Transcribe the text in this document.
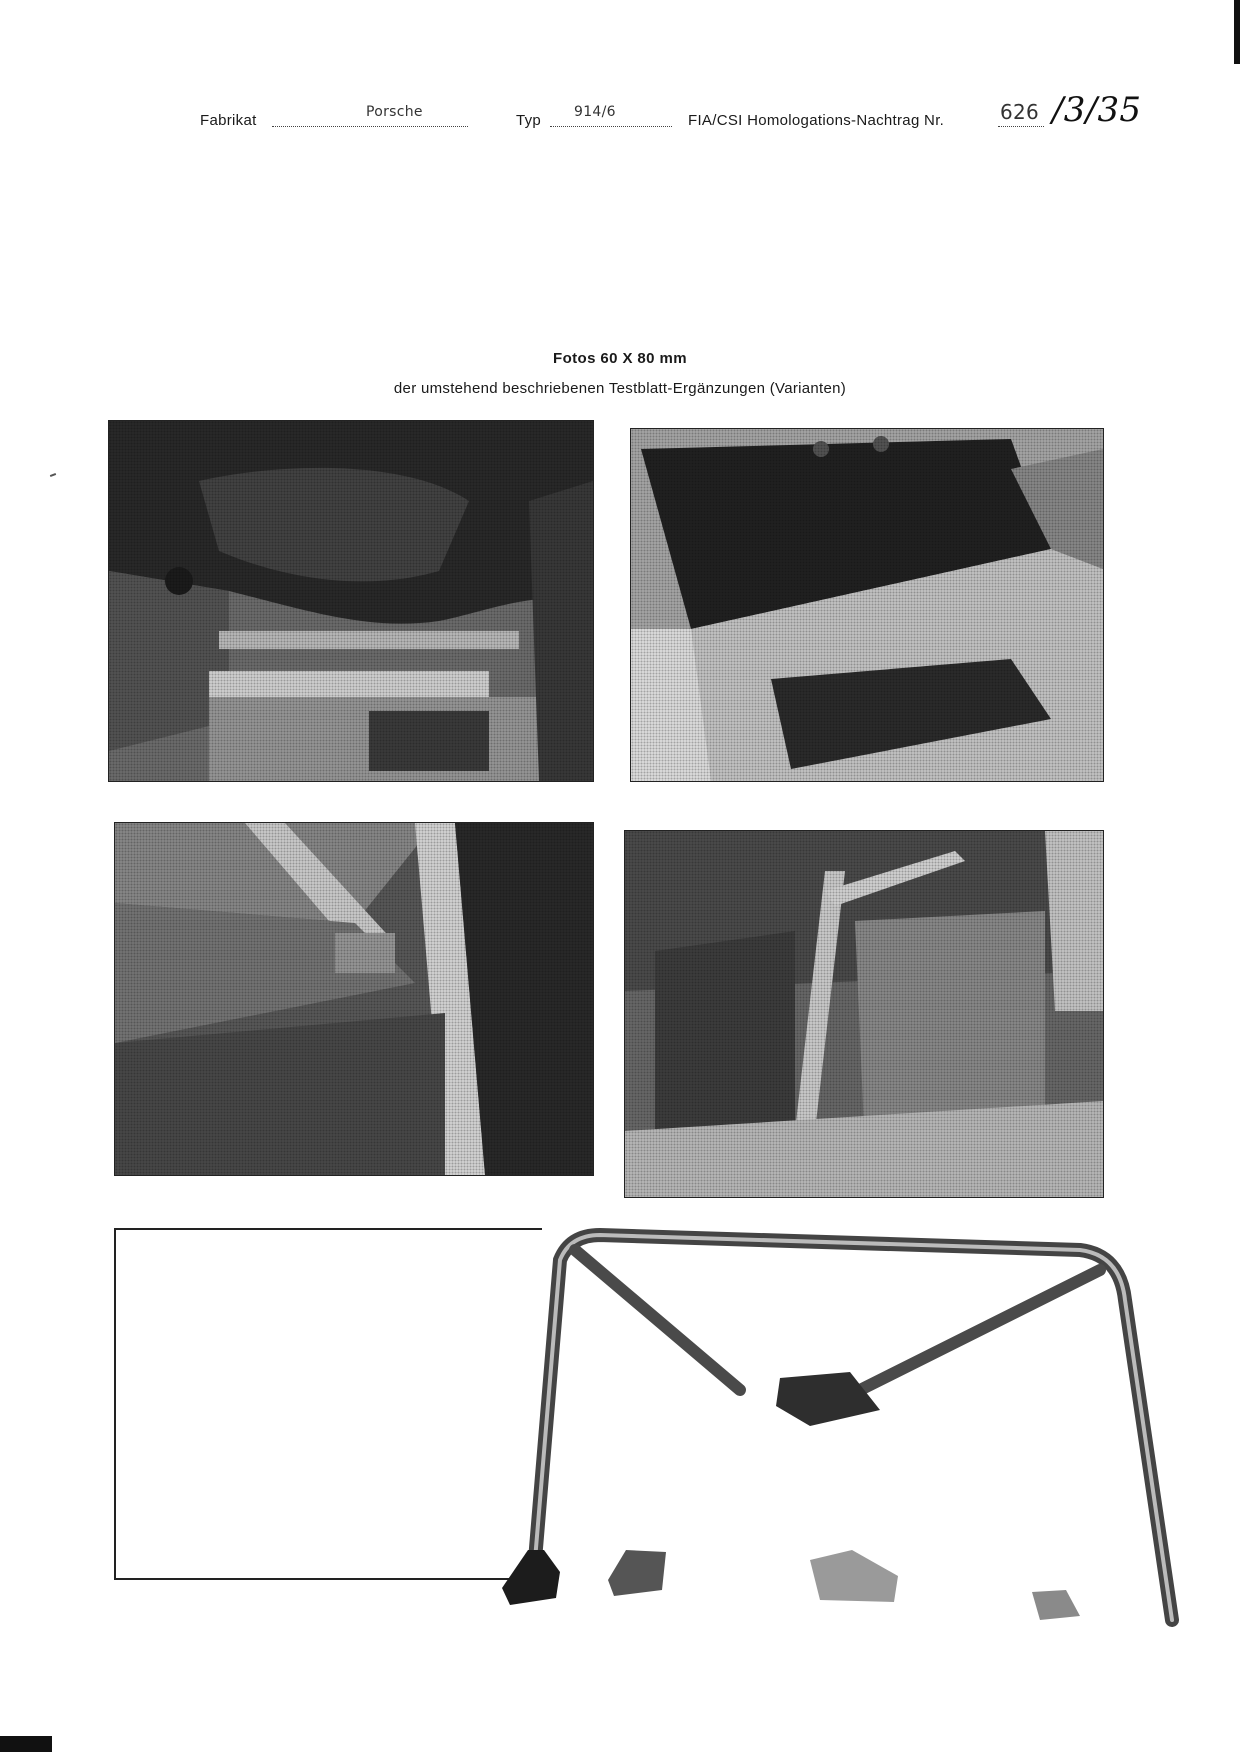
Fabrikat	Porsche	Typ 914/6	FIA/CSI Homologations-Nachtrag Nr.	626 /3/35
Fotos 60 X 80 mm
der umstehend beschriebenen Testblatt-Ergänzungen (Varianten)
